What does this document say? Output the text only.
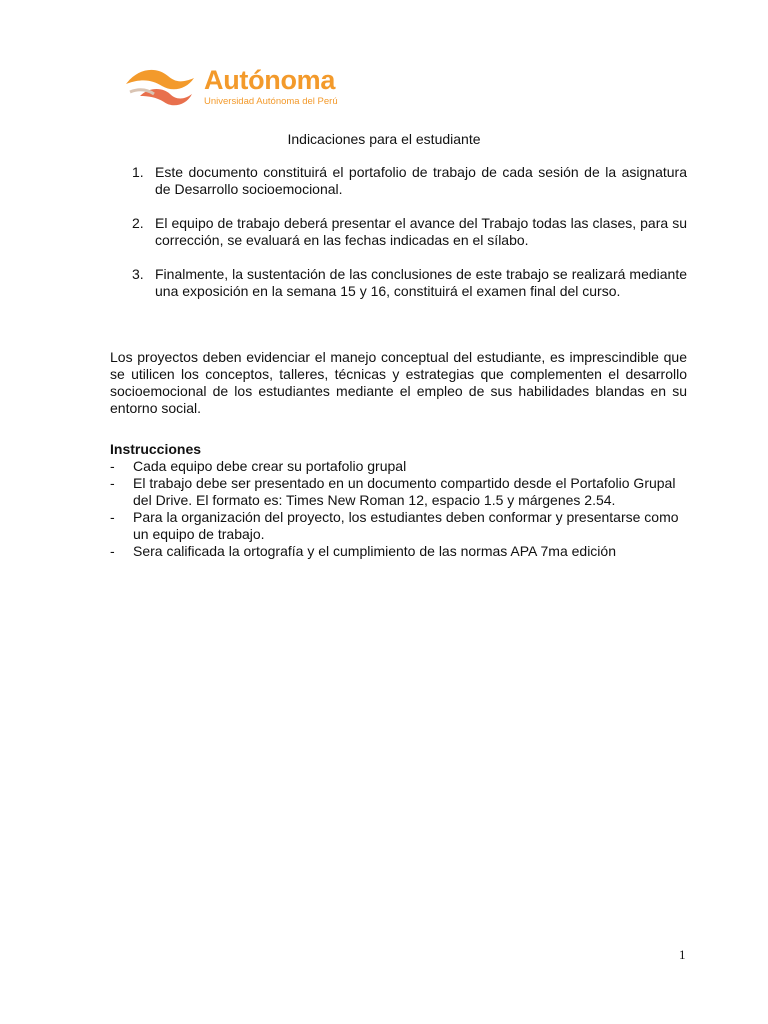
Autónoma
Universidad Autónoma del Perú
Indicaciones para el estudiante
1. Este documento constituirá el portafolio de trabajo de cada sesión de la asignatura de Desarrollo socioemocional.
2. El equipo de trabajo deberá presentar el avance del Trabajo todas las clases, para su corrección, se evaluará en las fechas indicadas en el sílabo.
3. Finalmente, la sustentación de las conclusiones de este trabajo se realizará mediante una exposición en la semana 15 y 16, constituirá el examen final del curso.
Los proyectos deben evidenciar el manejo conceptual del estudiante, es imprescindible que se utilicen los conceptos, talleres, técnicas y estrategias que complementen el desarrollo socioemocional de los estudiantes mediante el empleo de sus habilidades blandas en su entorno social.
Instrucciones
- Cada equipo debe crear su portafolio grupal
- El trabajo debe ser presentado en un documento compartido desde el Portafolio Grupal del Drive. El formato es: Times New Roman 12, espacio 1.5 y márgenes 2.54.
- Para la organización del proyecto, los estudiantes deben conformar y presentarse como un equipo de trabajo.
- Sera calificada la ortografía y el cumplimiento de las normas APA 7ma edición
1
